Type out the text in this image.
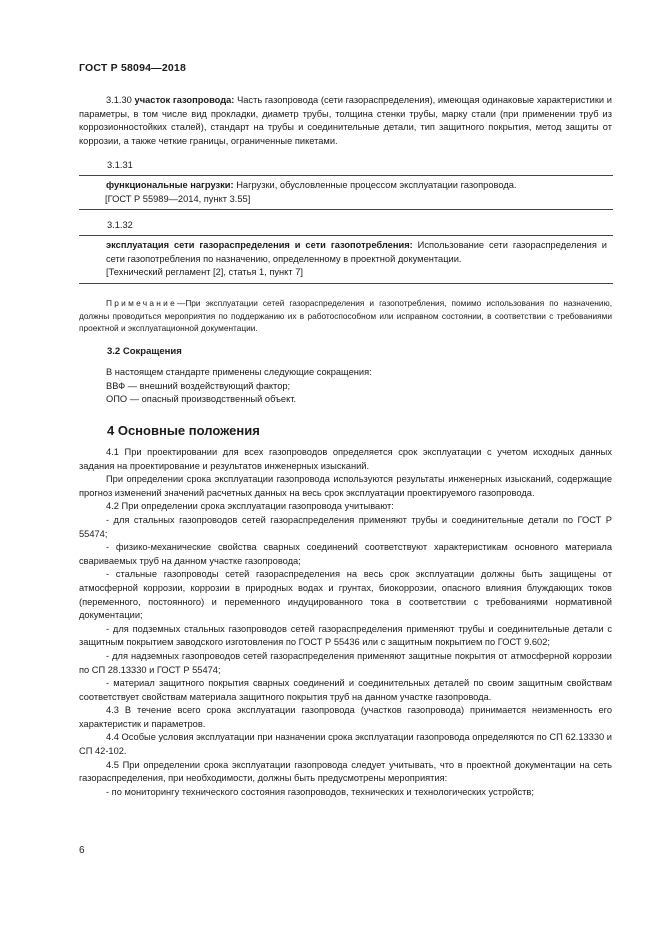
ГОСТ Р 58094—2018

3.1.30 участок газопровода: Часть газопровода (сети газораспределения), имеющая одинаковые характеристики и параметры, в том числе вид прокладки, диаметр трубы, толщина стенки трубы, марку стали (при применении труб из коррозионностойких сталей), стандарт на трубы и соединительные детали, тип защитного покрытия, метод защиты от коррозии, а также четкие границы, ограниченные пикетами.

3.1.31

функциональные нагрузки: Нагрузки, обусловленные процессом эксплуатации газопровода.

[ГОСТ Р 55989—2014, пункт 3.55]

3.1.32

эксплуатация сети газораспределения и сети газопотребления: Использование сети газораспределения и сети газопотребления по назначению, определенному в проектной документации.

[Технический регламент [2], статья 1, пункт 7]

Примечание—При эксплуатации сетей газораспределения и газопотребления, помимо использования по назначению, должны проводиться мероприятия по поддержанию их в работоспособном или исправном состоянии, в соответствии с требованиями проектной и эксплуатационной документации.

3.2 Сокращения

В настоящем стандарте применены следующие сокращения:

ВВФ — внешний воздействующий фактор;

ОПО — опасный производственный объект.

4 Основные положения

4.1 При проектировании для всех газопроводов определяется срок эксплуатации с учетом исходных данных задания на проектирование и результатов инженерных изысканий.

При определении срока эксплуатации газопровода используются результаты инженерных изысканий, содержащие прогноз изменений значений расчетных данных на весь срок эксплуатации проектируемого газопровода.

4.2 При определении срока эксплуатации газопровода учитывают:

- для стальных газопроводов сетей газораспределения применяют трубы и соединительные детали по ГОСТ Р 55474;

- физико-механические свойства сварных соединений соответствуют характеристикам основного материала свариваемых труб на данном участке газопровода;

- стальные газопроводы сетей газораспределения на весь срок эксплуатации должны быть защищены от атмосферной коррозии, коррозии в природных водах и грунтах, биокоррозии, опасного влияния блуждающих токов (переменного, постоянного) и переменного индуцированного тока в соответствии с требованиями нормативной документации;

- для подземных стальных газопроводов сетей газораспределения применяют трубы и соединительные детали с защитным покрытием заводского изготовления по ГОСТ Р 55436 или с защитным покрытием по ГОСТ 9.602;

- для надземных газопроводов сетей газораспределения применяют защитные покрытия от атмосферной коррозии по СП 28.13330 и ГОСТ Р 55474;

- материал защитного покрытия сварных соединений и соединительных деталей по своим защитным свойствам соответствует свойствам материала защитного покрытия труб на данном участке газопровода.

4.3 В течение всего срока эксплуатации газопровода (участков газопровода) принимается неизменность его характеристик и параметров.

4.4 Особые условия эксплуатации при назначении срока эксплуатации газопровода определяются по СП 62.13330 и СП 42-102.

4.5 При определении срока эксплуатации газопровода следует учитывать, что в проектной документации на сеть газораспределения, при необходимости, должны быть предусмотрены мероприятия:

- по мониторингу технического состояния газопроводов, технических и технологических устройств;

6
